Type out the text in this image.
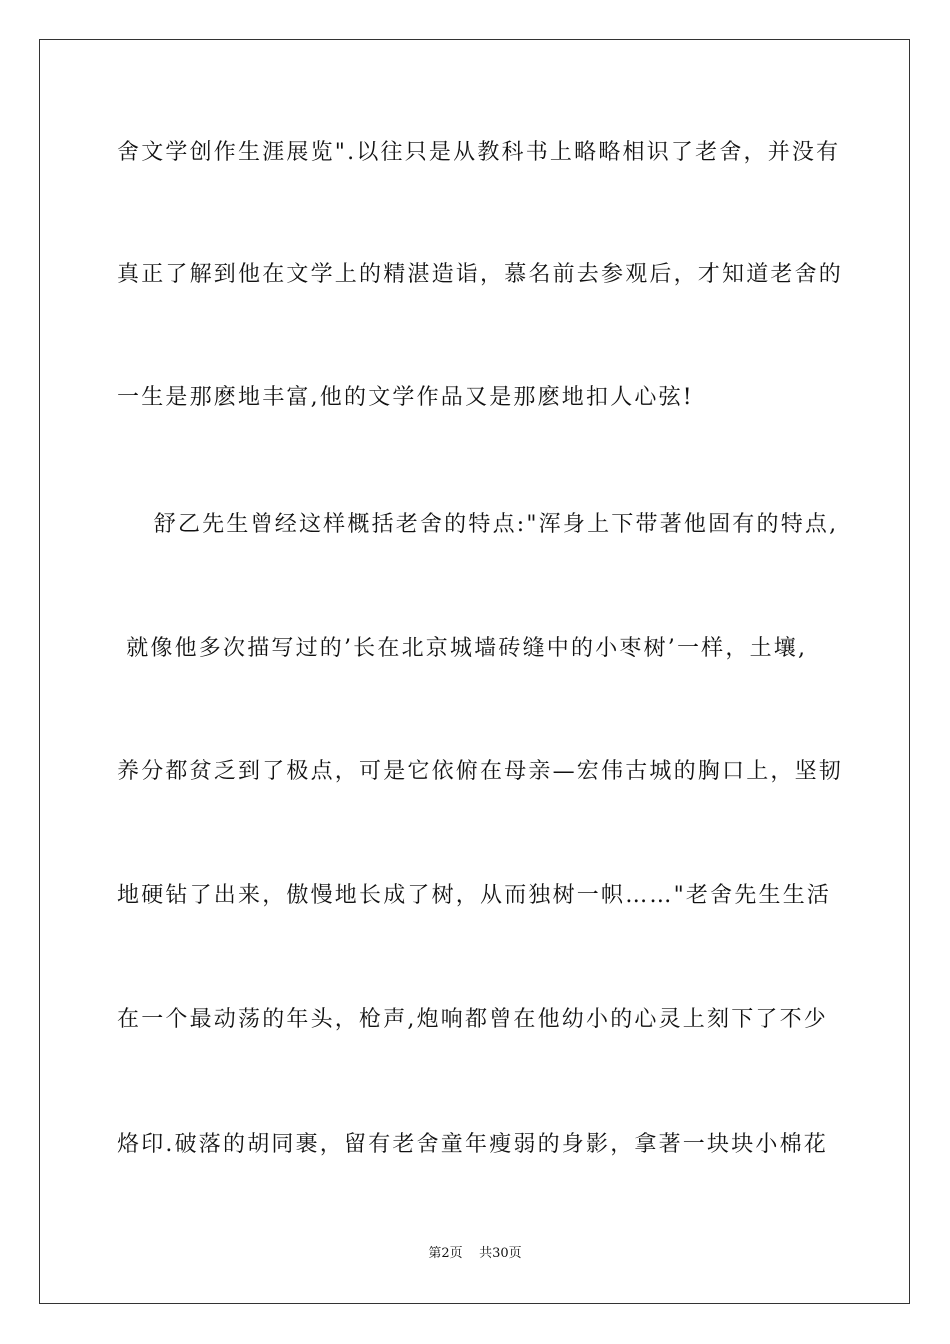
舍文学创作生涯展览".以往只是从教科书上略略相识了老舍，并没有
真正了解到他在文学上的精湛造诣，慕名前去参观后，才知道老舍的
一生是那麽地丰富,他的文学作品又是那麽地扣人心弦!
舒乙先生曾经这样概括老舍的特点:"浑身上下带著他固有的特点,
就像他多次描写过的’长在北京城墙砖缝中的小枣树’一样，土壤,
养分都贫乏到了极点，可是它依俯在母亲—宏伟古城的胸口上，坚韧
地硬钻了出来，傲慢地长成了树，从而独树一帜……"老舍先生生活
在一个最动荡的年头，枪声,炮响都曾在他幼小的心灵上刻下了不少
烙印.破落的胡同裹，留有老舍童年瘦弱的身影，拿著一块块小棉花
第2页 共30页
